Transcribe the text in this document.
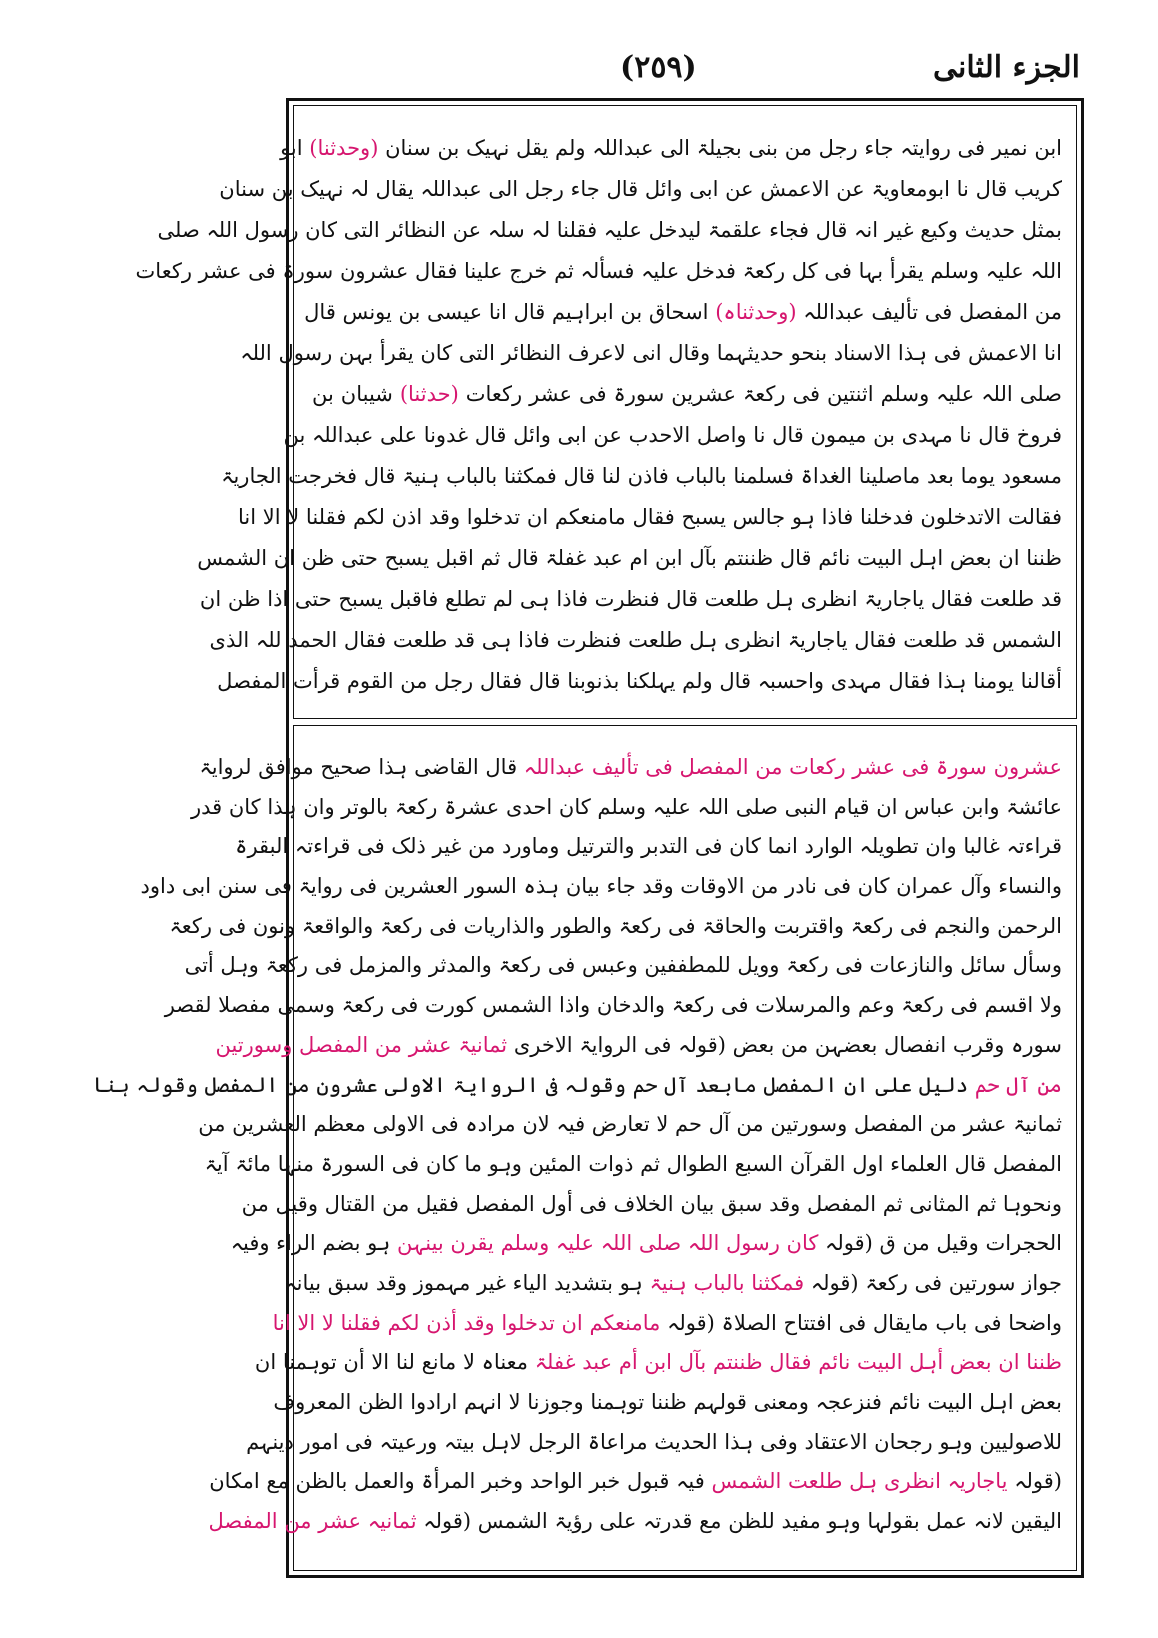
الجزء الثانی
(٢٥٩)
ابن نمیر فی روایتہ جاء رجل من بنی بجیلۃ الی عبداللہ ولم یقل نہیک بن سنان (وحدثنا) ابو
کریب قال نا ابومعاویۃ عن الاعمش عن ابی وائل قال جاء رجل الی عبداللہ یقال لہ نہیک بن سنان
بمثل حدیث وکیع غیر انہ قال فجاء علقمۃ لیدخل علیہ فقلنا لہ سلہ عن النظائر التی کان رسول اللہ صلی
اللہ علیہ وسلم یقرأ بہا فی کل رکعۃ فدخل علیہ فسألہ ثم خرج علینا فقال عشرون سورۃ فی عشر رکعات
من المفصل فی تألیف عبداللہ (وحدثناہ) اسحاق بن ابراہیم قال انا عیسی بن یونس قال
انا الاعمش فی ہذا الاسناد بنحو حدیثہما وقال انی لاعرف النظائر التی کان یقرأ بہن رسول اللہ
صلی اللہ علیہ وسلم اثنتین فی رکعۃ عشرین سورۃ فی عشر رکعات (حدثنا) شیبان بن
فروخ قال نا مہدی بن میمون قال نا واصل الاحدب عن ابی وائل قال غدونا علی عبداللہ بن
مسعود یوما بعد ماصلینا الغداۃ فسلمنا بالباب فاذن لنا قال فمکثنا بالباب ہنیۃ قال فخرجت الجاریۃ
فقالت الاتدخلون فدخلنا فاذا ہو جالس یسبح فقال مامنعکم ان تدخلوا وقد اذن لکم فقلنا لا الا انا
ظننا ان بعض اہل البیت نائم قال ظننتم بآل ابن ام عبد غفلۃ قال ثم اقبل یسبح حتی ظن ان الشمس
قد طلعت فقال یاجاریۃ انظری ہل طلعت قال فنظرت فاذا ہی لم تطلع فاقبل یسبح حتی اذا ظن ان
الشمس قد طلعت فقال یاجاریۃ انظری ہل طلعت فنظرت فاذا ہی قد طلعت فقال الحمد للہ الذی
أقالنا یومنا ہذا فقال مہدی واحسبہ قال ولم یہلکنا بذنوبنا قال فقال رجل من القوم قرأت المفصل
عشرون سورۃ فی عشر رکعات من المفصل فی تألیف عبداللہ قال القاضی ہذا صحیح موافق لروایۃ
عائشۃ وابن عباس ان قیام النبی صلی اللہ علیہ وسلم کان احدی عشرۃ رکعۃ بالوتر وان ہذا کان قدر
قراءتہ غالبا وان تطویلہ الوارد انما کان فی التدبر والترتیل وماورد من غیر ذلک فی قراءتہ البقرۃ
والنساء وآل عمران کان فی نادر من الاوقات وقد جاء بیان ہذہ السور العشرین فی روایۃ فی سنن ابی داود
الرحمن والنجم فی رکعۃ واقتربت والحاقۃ فی رکعۃ والطور والذاریات فی رکعۃ والواقعۃ ونون فی رکعۃ
وسأل سائل والنازعات فی رکعۃ وویل للمطففین وعبس فی رکعۃ والمدثر والمزمل فی رکعۃ وہل أتی
ولا اقسم فی رکعۃ وعم والمرسلات فی رکعۃ والدخان واذا الشمس کورت فی رکعۃ وسمی مفصلا لقصر
سورہ وقرب انفصال بعضہن من بعض (قولہ فی الروایۃ الاخری ثمانیۃ عشر من المفصل وسورتین
من آل حم دلیل علی ان المفصل مابعد آل حم وقولہ فی الروایۃ الاولی عشرون من المفصل وقولہ ہنا
ثمانیۃ عشر من المفصل وسورتین من آل حم لا تعارض فیہ لان مرادہ فی الاولی معظم العشرین من
المفصل قال العلماء اول القرآن السبع الطوال ثم ذوات المئین وہو ما کان فی السورۃ منہا مائۃ آیۃ
ونحوہا ثم المثانی ثم المفصل وقد سبق بیان الخلاف فی أول المفصل فقیل من القتال وقیل من
الحجرات وقیل من ق (قولہ کان رسول اللہ صلی اللہ علیہ وسلم یقرن بینہن ہو بضم الراء وفیہ
جواز سورتین فی رکعۃ (قولہ فمکثنا بالباب ہنیۃ ہو بتشدید الیاء غیر مہموز وقد سبق بیانہ
واضحا فی باب مایقال فی افتتاح الصلاۃ (قولہ مامنعکم ان تدخلوا وقد أذن لکم فقلنا لا الا انا
ظننا ان بعض أہل البیت نائم فقال ظننتم بآل ابن أم عبد غفلۃ معناہ لا مانع لنا الا أن توہمنا ان
بعض اہل البیت نائم فنزعجہ ومعنی قولہم ظننا توہمنا وجوزنا لا انہم ارادوا الظن المعروف
للاصولیین وہو رجحان الاعتقاد وفی ہذا الحدیث مراعاۃ الرجل لاہل بیتہ ورعیتہ فی امور دینہم
(قولہ یاجاریہ انظری ہل طلعت الشمس فیہ قبول خبر الواحد وخبر المرأۃ والعمل بالظن مع امکان
الیقین لانہ عمل بقولہا وہو مفید للظن مع قدرتہ علی رؤیۃ الشمس (قولہ ثمانیہ عشر من المفصل
